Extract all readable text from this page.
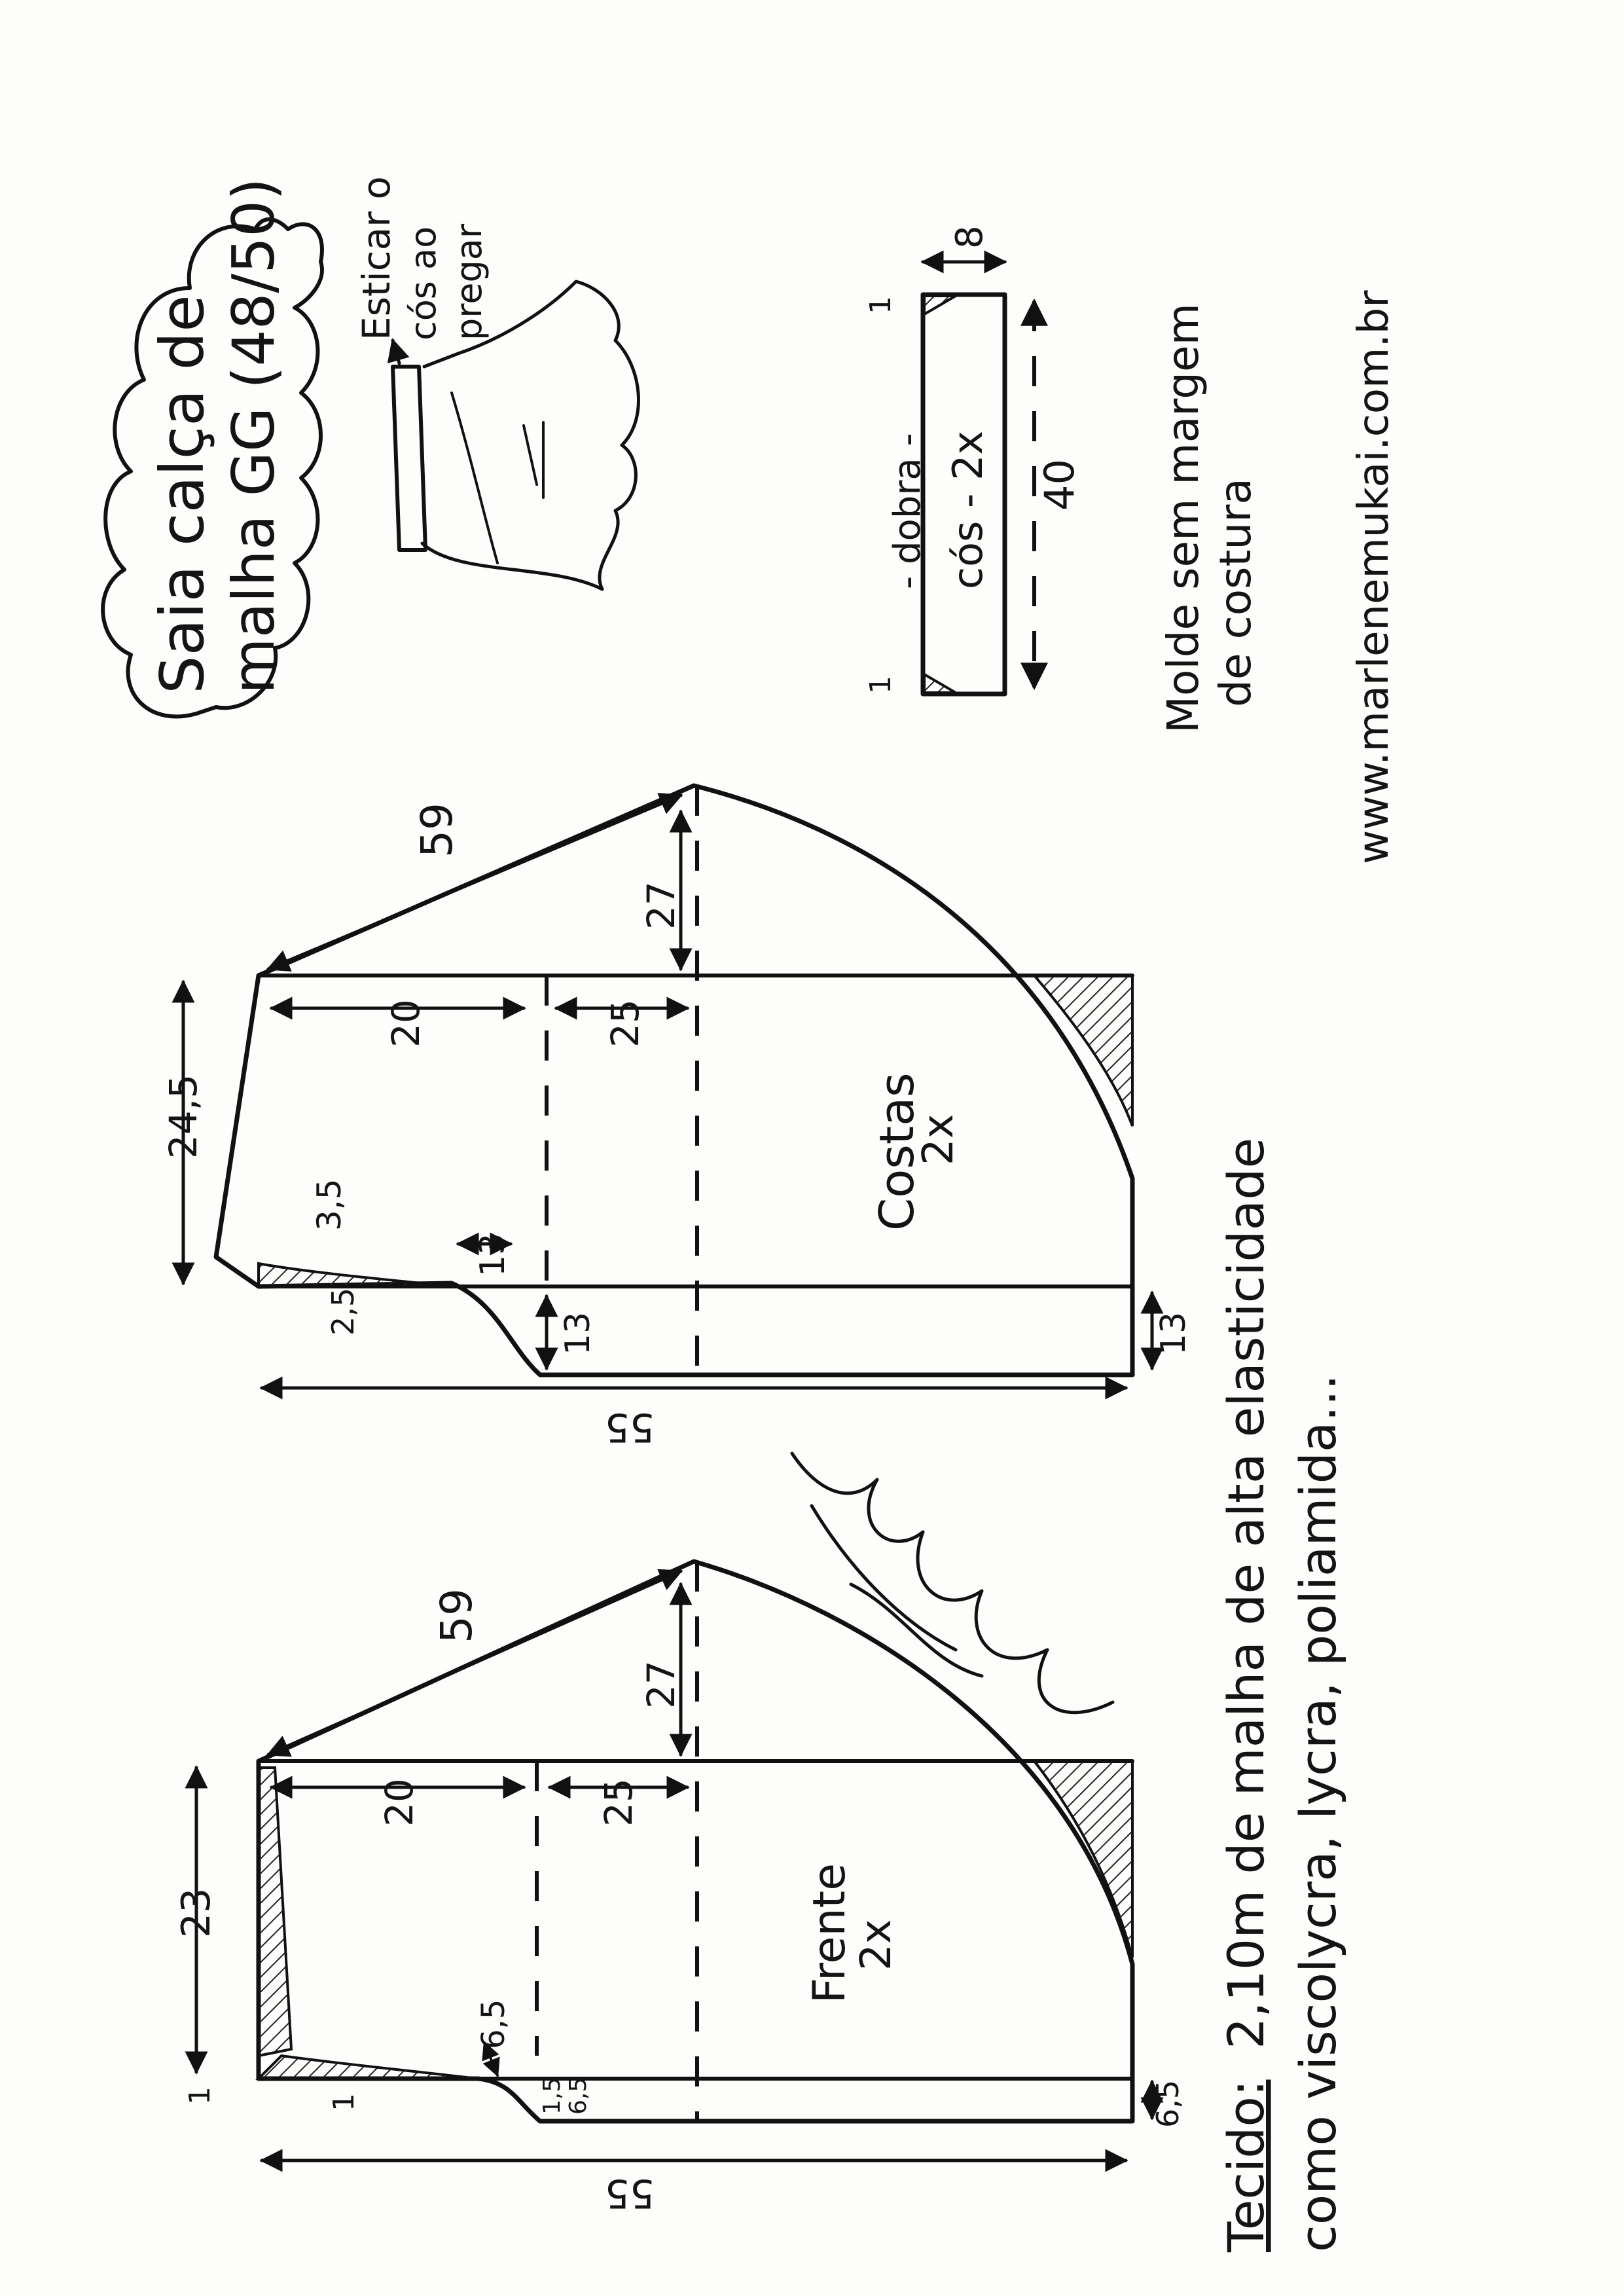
Saia calça de malha GG (48/50) Esticar o cós ao pregar	8
- dobra - cós - 2x 40
1
1	Molde sem margem de costura www.marlenemukai.com.br
Costas
2x
59
27
20	25
24,5
3,5
2,5
13
13	13
55
Frente
2x
59
27
20	25
23
6,5
1,5 6,5	6,5
1	1
55	Tecido:
2,10m de malha de alta elasticidade como viscolycra, lycra, poliamida...
